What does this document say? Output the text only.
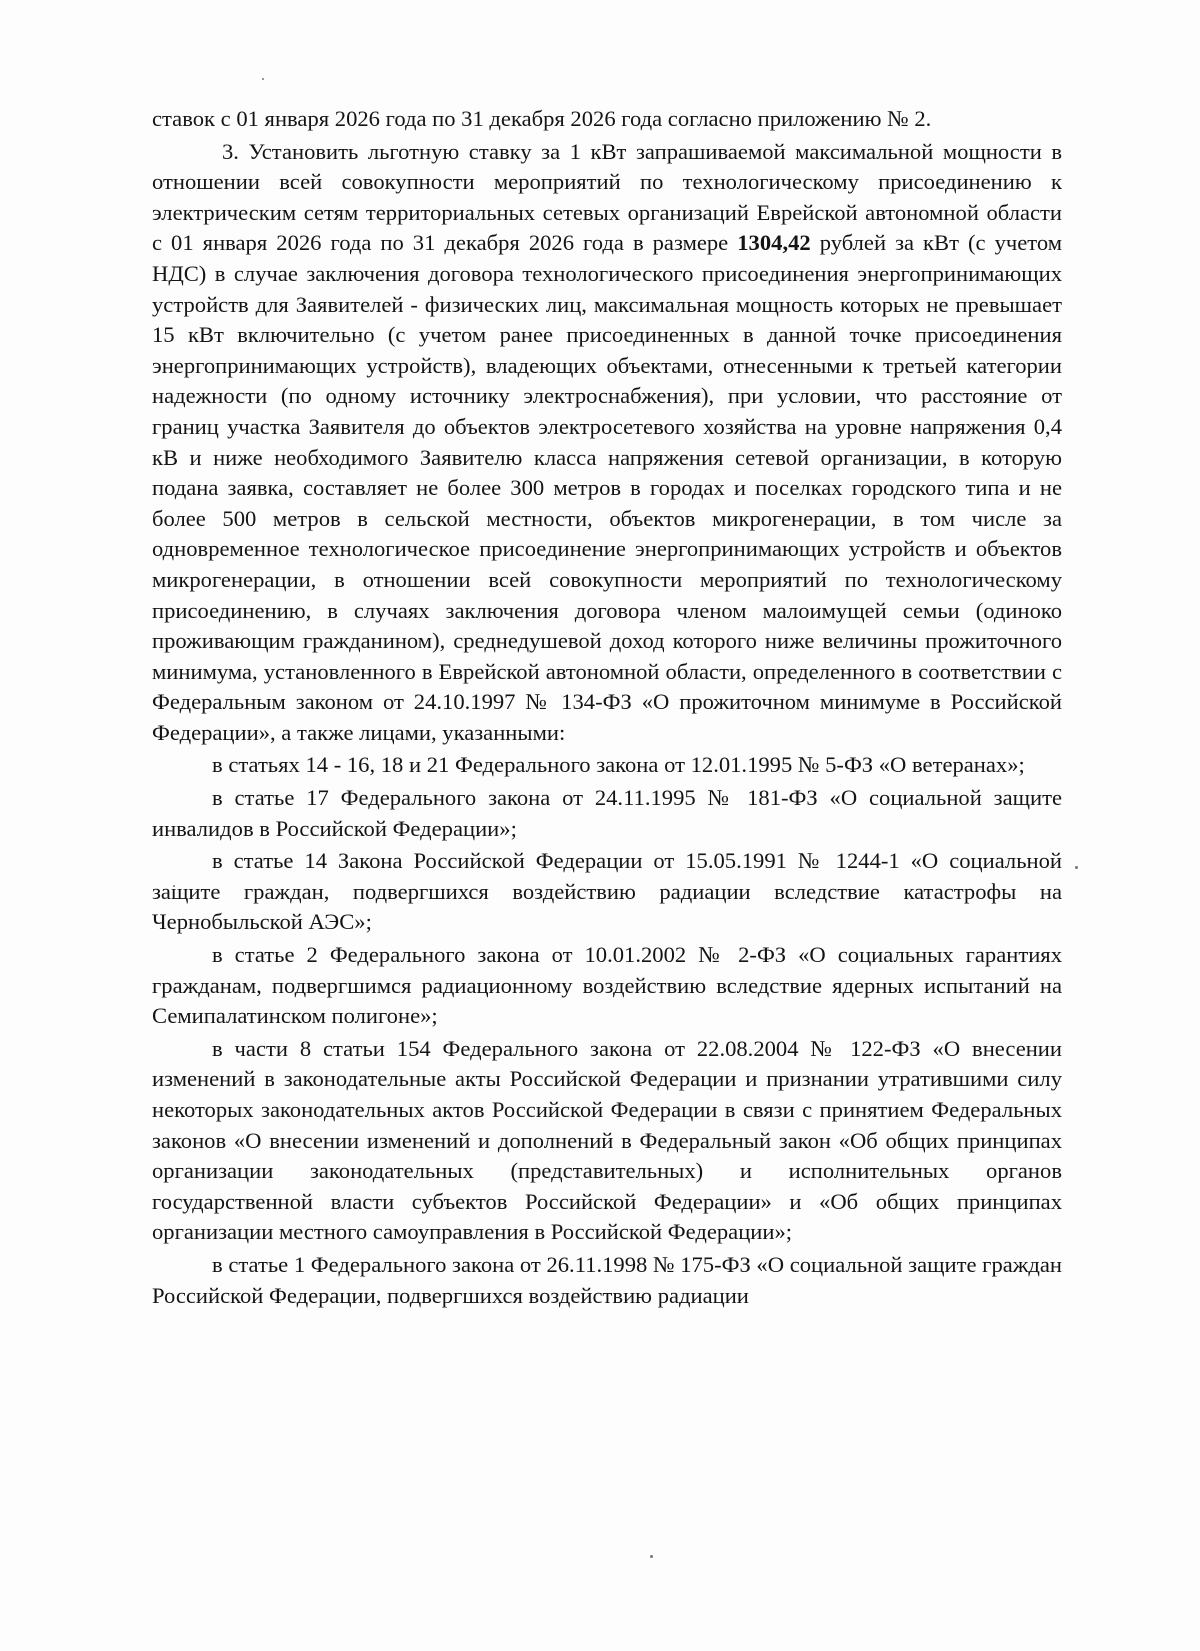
ставок с 01 января 2026 года по 31 декабря 2026 года согласно приложению № 2.

3. Установить льготную ставку за 1 кВт запрашиваемой максимальной мощности в отношении всей совокупности мероприятий по технологическому присоединению к электрическим сетям территориальных сетевых организаций Еврейской автономной области с 01 января 2026 года по 31 декабря 2026 года в размере 1304,42 рублей за кВт (с учетом НДС) в случае заключения договора технологического присоединения энергопринимающих устройств для Заявителей - физических лиц, максимальная мощность которых не превышает 15 кВт включительно (с учетом ранее присоединенных в данной точке присоединения энергопринимающих устройств), владеющих объектами, отнесенными к третьей категории надежности (по одному источнику электроснабжения), при условии, что расстояние от границ участка Заявителя до объектов электросетевого хозяйства на уровне напряжения 0,4 кВ и ниже необходимого Заявителю класса напряжения сетевой организации, в которую подана заявка, составляет не более 300 метров в городах и поселках городского типа и не более 500 метров в сельской местности, объектов микрогенерации, в том числе за одновременное технологическое присоединение энергопринимающих устройств и объектов микрогенерации, в отношении всей совокупности мероприятий по технологическому присоединению, в случаях заключения договора членом малоимущей семьи (одиноко проживающим гражданином), среднедушевой доход которого ниже величины прожиточного минимума, установленного в Еврейской автономной области, определенного в соответствии с Федеральным законом от 24.10.1997 № 134-ФЗ «О прожиточном минимуме в Российской Федерации», а также лицами, указанными:

в статьях 14 - 16, 18 и 21 Федерального закона от 12.01.1995 № 5-ФЗ «О ветеранах»;

в статье 17 Федерального закона от 24.11.1995 № 181-ФЗ «О социальной защите инвалидов в Российской Федерации»;

в статье 14 Закона Российской Федерации от 15.05.1991 № 1244-1 «О социальной защите граждан, подвергшихся воздействию радиации вследствие катастрофы на Чернобыльской АЭС»;

в статье 2 Федерального закона от 10.01.2002 № 2-ФЗ «О социальных гарантиях гражданам, подвергшимся радиационному воздействию вследствие ядерных испытаний на Семипалатинском полигоне»;

в части 8 статьи 154 Федерального закона от 22.08.2004 № 122-ФЗ «О внесении изменений в законодательные акты Российской Федерации и признании утратившими силу некоторых законодательных актов Российской Федерации в связи с принятием Федеральных законов «О внесении изменений и дополнений в Федеральный закон «Об общих принципах организации законодательных (представительных) и исполнительных органов государственной власти субъектов Российской Федерации» и «Об общих принципах организации местного самоуправления в Российской Федерации»;

в статье 1 Федерального закона от 26.11.1998 № 175-ФЗ «О социальной защите граждан Российской Федерации, подвергшихся воздействию радиации
